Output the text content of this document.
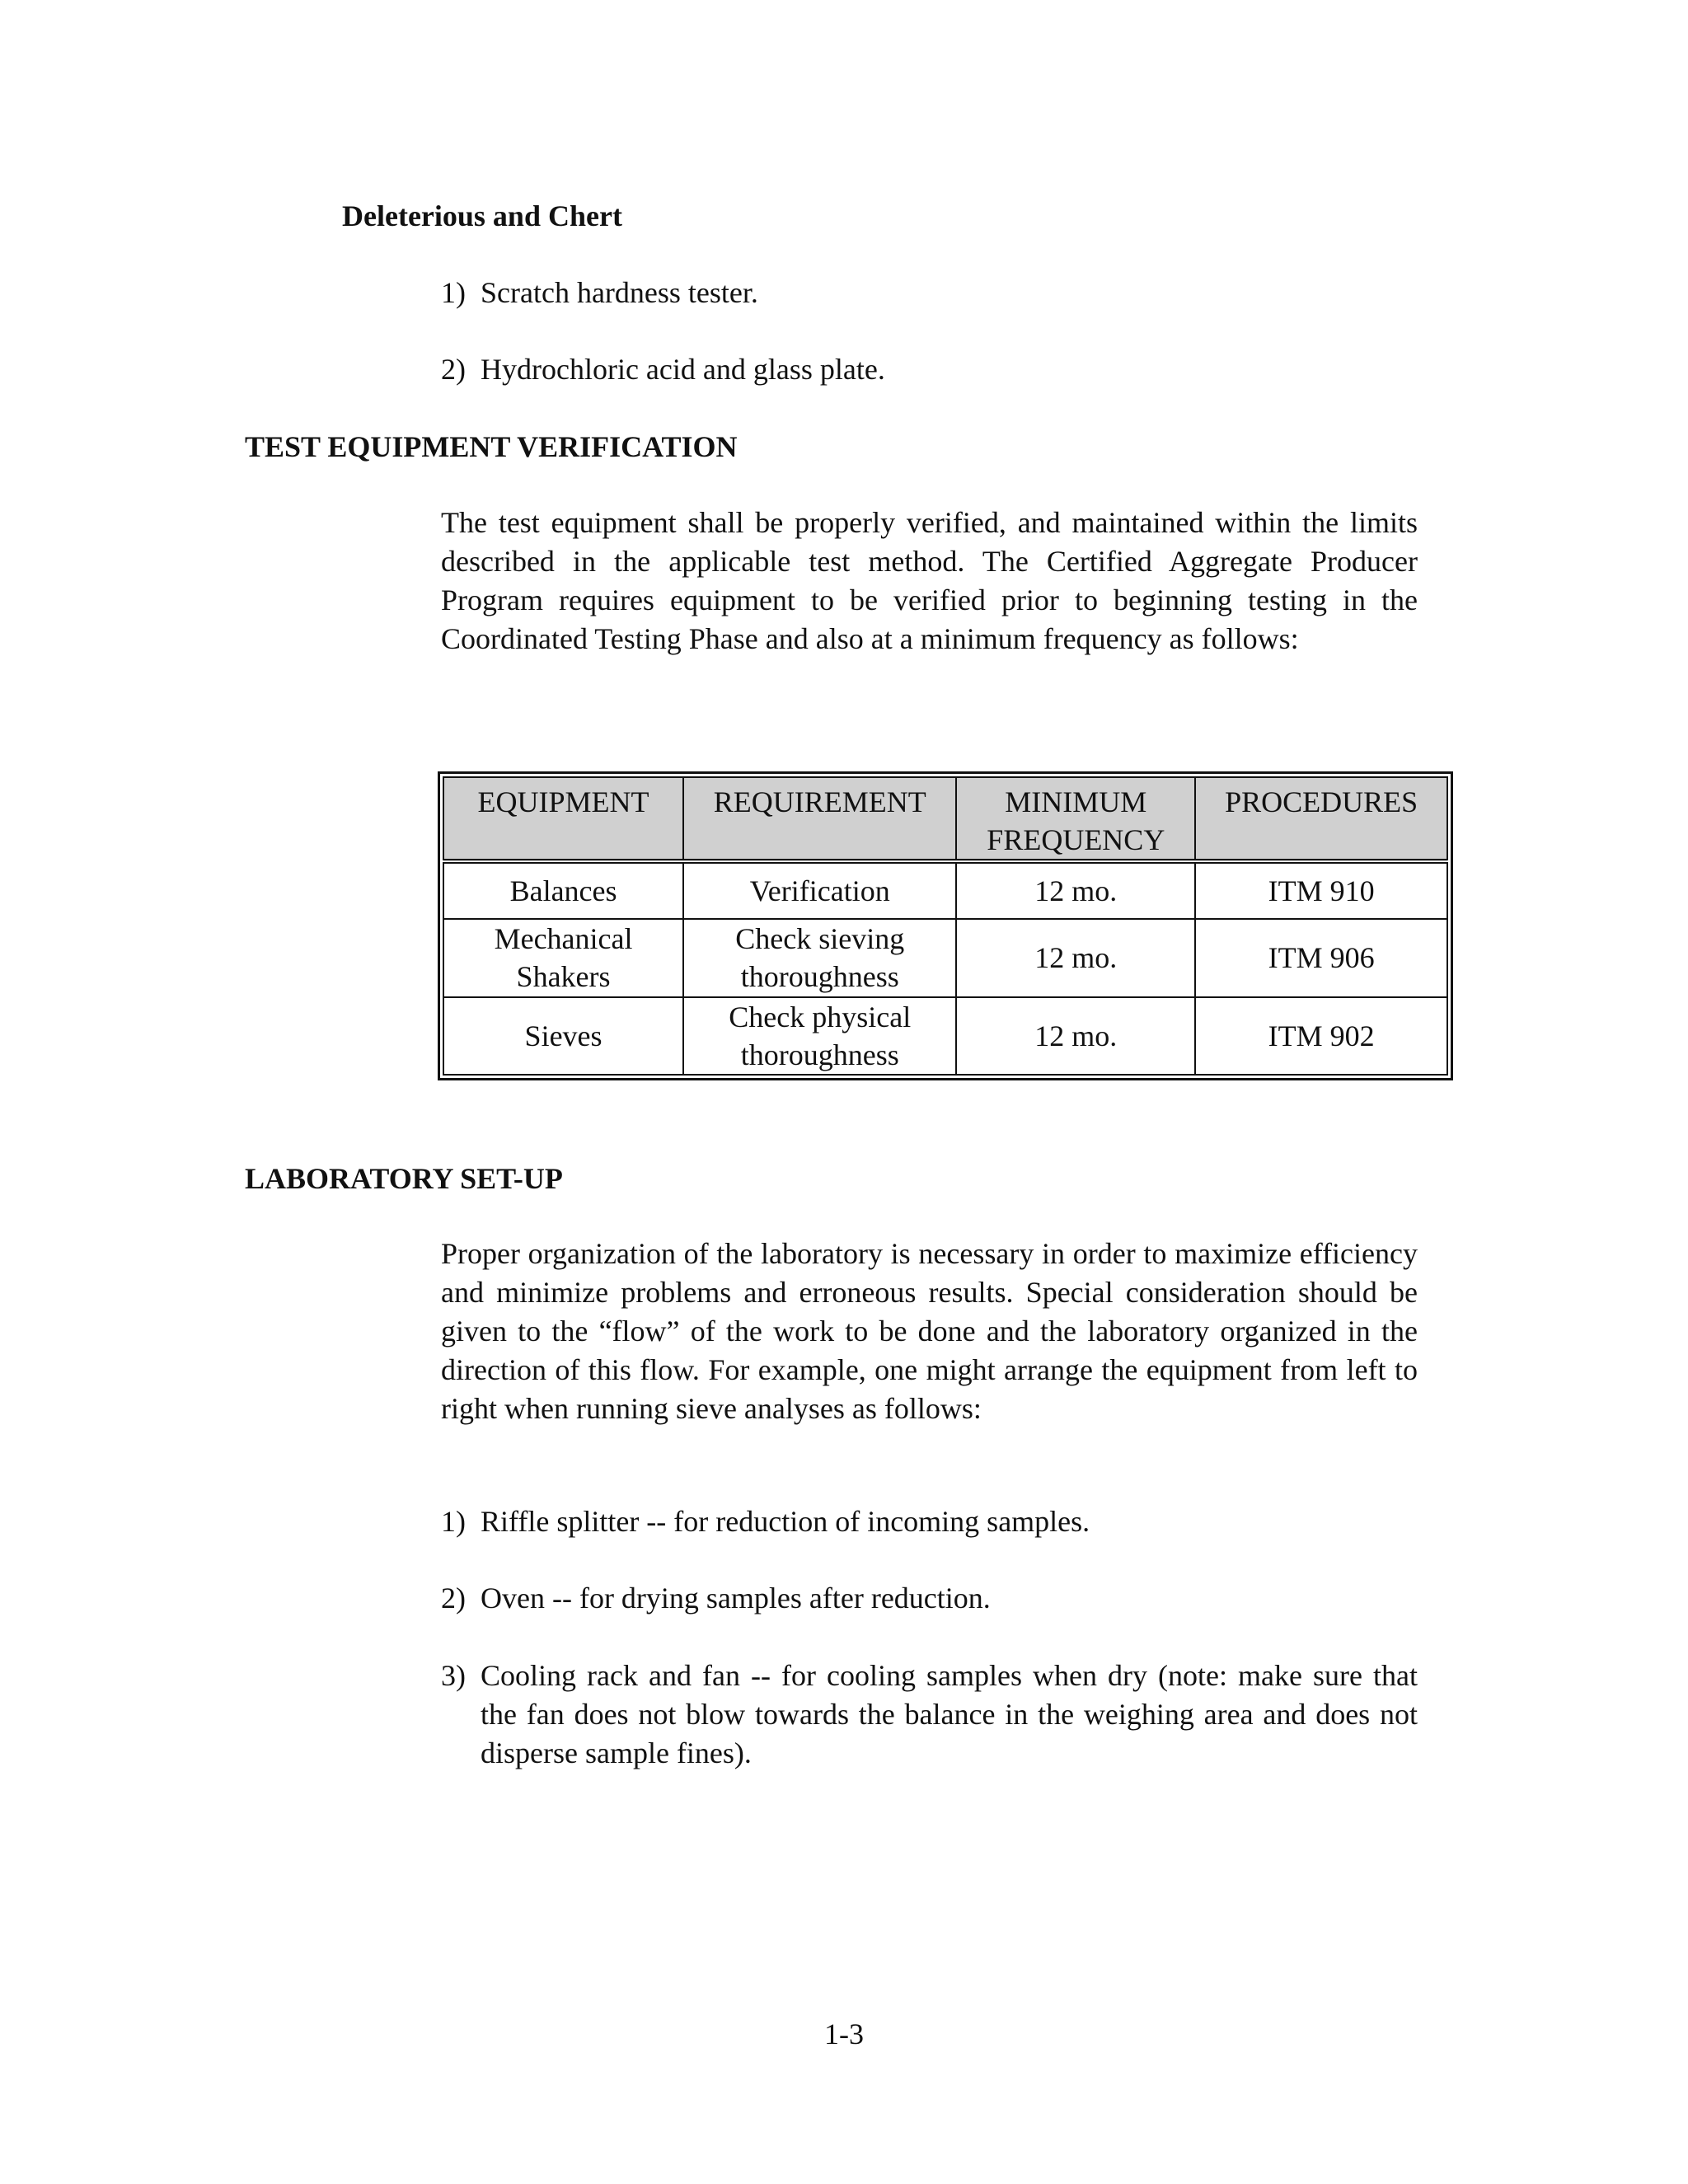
Deleterious and Chert
1) Scratch hardness tester.
2) Hydrochloric acid and glass plate.
TEST EQUIPMENT VERIFICATION
The test equipment shall be properly verified, and maintained within the limits described in the applicable test method. The Certified Aggregate Producer Program requires equipment to be verified prior to beginning testing in the Coordinated Testing Phase and also at a minimum frequency as follows:
EQUIPMENT	REQUIREMENT	MINIMUM FREQUENCY	PROCEDURES
Balances	Verification	12 mo.	ITM 910
Mechanical Shakers	Check sieving thoroughness	12 mo.	ITM 906
Sieves	Check physical thoroughness	12 mo.	ITM 902
LABORATORY SET-UP
Proper organization of the laboratory is necessary in order to maximize efficiency and minimize problems and erroneous results. Special consideration should be given to the “flow” of the work to be done and the laboratory organized in the direction of this flow. For example, one might arrange the equipment from left to right when running sieve analyses as follows:
1) Riffle splitter -- for reduction of incoming samples.
2) Oven -- for drying samples after reduction.
3) Cooling rack and fan -- for cooling samples when dry (note: make sure that the fan does not blow towards the balance in the weighing area and does not disperse sample fines).
1-3
